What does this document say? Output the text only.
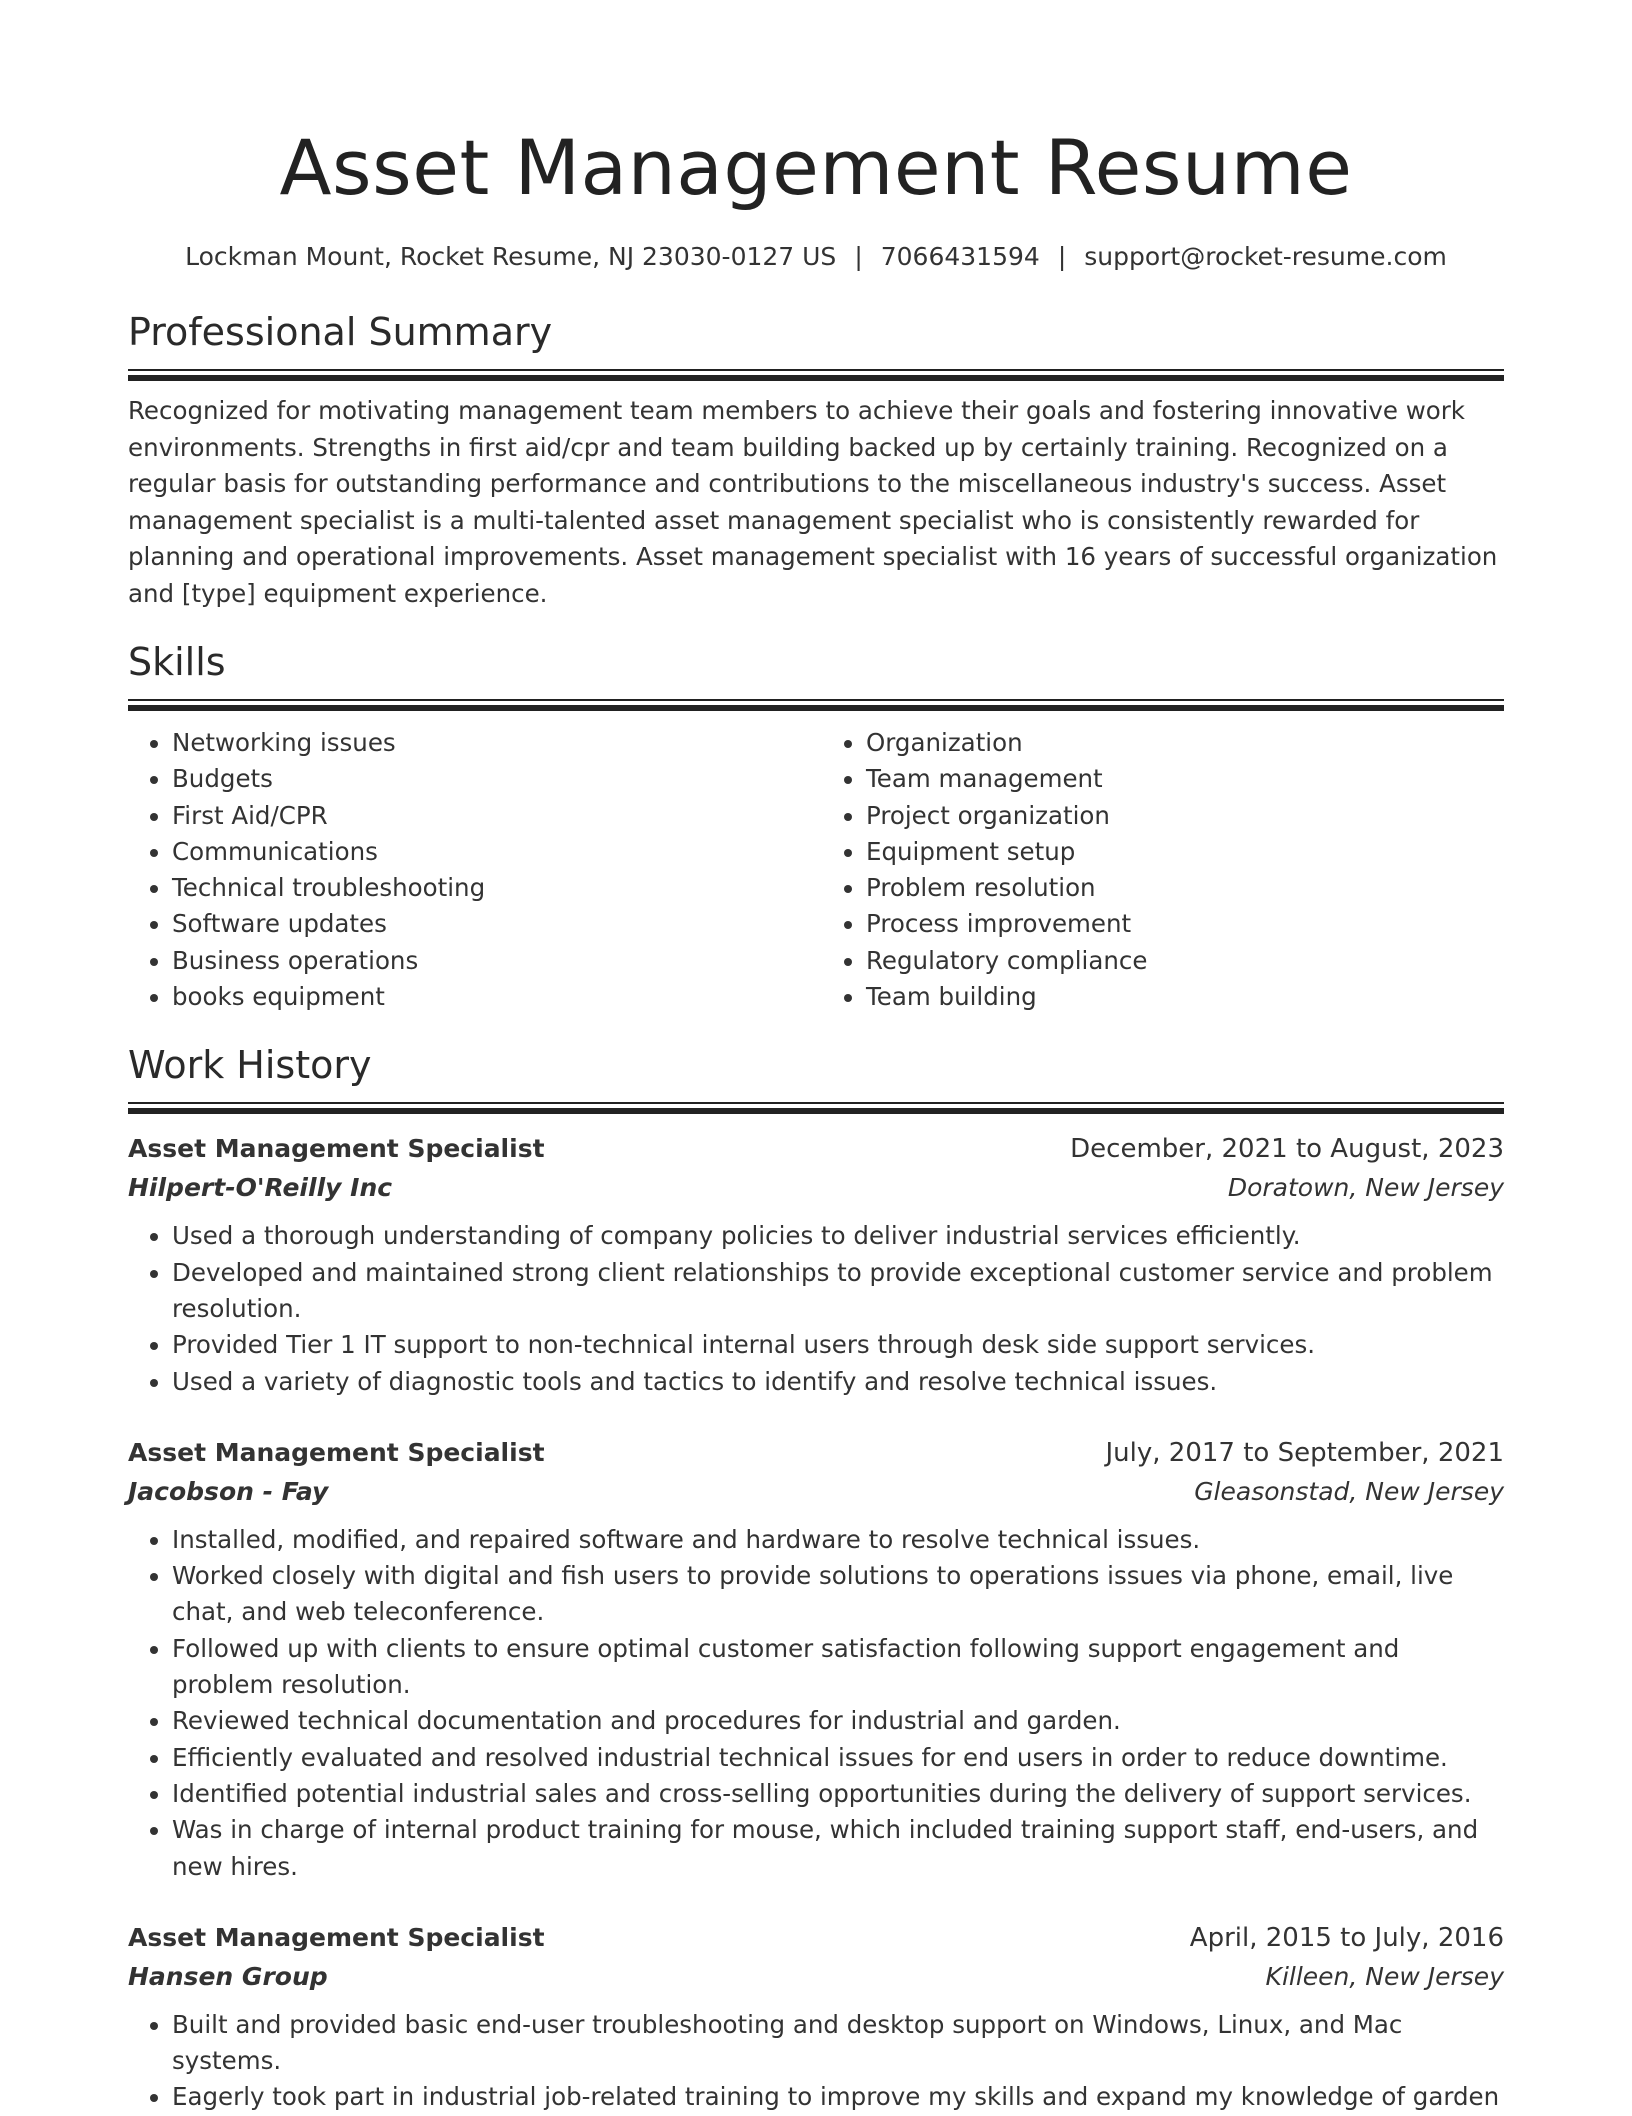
Asset Management Resume
Lockman Mount, Rocket Resume, NJ 23030-0127 US | 7066431594 | support@rocket-resume.com
Professional Summary
Recognized for motivating management team members to achieve their goals and fostering innovative work environments. Strengths in first aid/cpr and team building backed up by certainly training. Recognized on a regular basis for outstanding performance and contributions to the miscellaneous industry's success. Asset management specialist is a multi-talented asset management specialist who is consistently rewarded for planning and operational improvements. Asset management specialist with 16 years of successful organization and [type] equipment experience.
Skills
• Networking issues
• Budgets
• First Aid/CPR
• Communications
• Technical troubleshooting
• Software updates
• Business operations
• books equipment
• Organization
• Team management
• Project organization
• Equipment setup
• Problem resolution
• Process improvement
• Regulatory compliance
• Team building
Work History
Asset Management Specialist	December, 2021 to August, 2023
Hilpert-O'Reilly Inc	Doratown, New Jersey
• Used a thorough understanding of company policies to deliver industrial services efficiently.
• Developed and maintained strong client relationships to provide exceptional customer service and problem resolution.
• Provided Tier 1 IT support to non-technical internal users through desk side support services.
• Used a variety of diagnostic tools and tactics to identify and resolve technical issues.
Asset Management Specialist	July, 2017 to September, 2021
Jacobson - Fay	Gleasonstad, New Jersey
• Installed, modified, and repaired software and hardware to resolve technical issues.
• Worked closely with digital and fish users to provide solutions to operations issues via phone, email, live chat, and web teleconference.
• Followed up with clients to ensure optimal customer satisfaction following support engagement and problem resolution.
• Reviewed technical documentation and procedures for industrial and garden.
• Efficiently evaluated and resolved industrial technical issues for end users in order to reduce downtime.
• Identified potential industrial sales and cross-selling opportunities during the delivery of support services.
• Was in charge of internal product training for mouse, which included training support staff, end-users, and new hires.
Asset Management Specialist	April, 2015 to July, 2016
Hansen Group	Killeen, New Jersey
• Built and provided basic end-user troubleshooting and desktop support on Windows, Linux, and Mac systems.
• Eagerly took part in industrial job-related training to improve my skills and expand my knowledge of garden
